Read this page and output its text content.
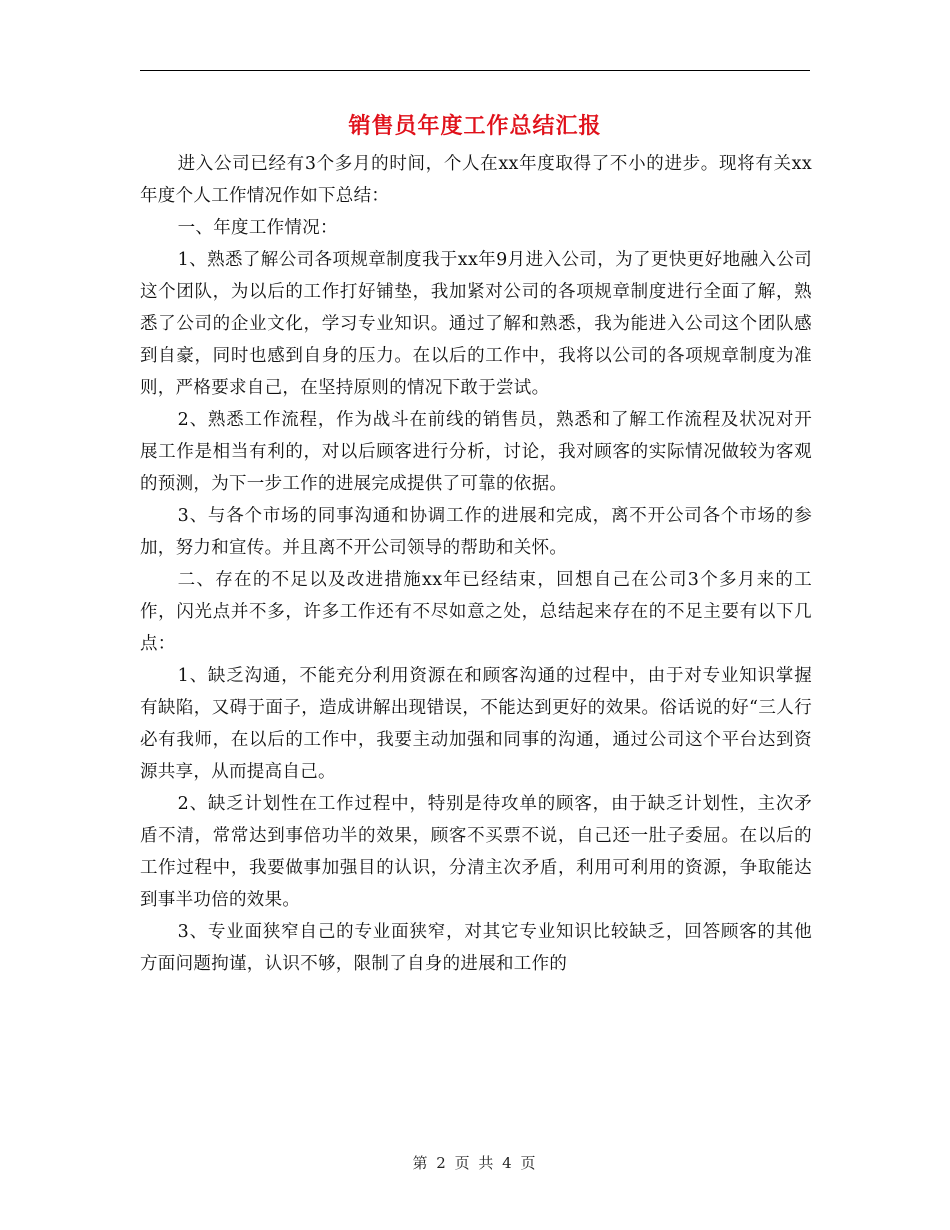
销售员年度工作总结汇报

进入公司已经有3个多月的时间，个人在xx年度取得了不小的进步。现将有关xx年度个人工作情况作如下总结：

一、年度工作情况：

1、熟悉了解公司各项规章制度我于xx年9月进入公司，为了更快更好地融入公司这个团队，为以后的工作打好铺垫，我加紧对公司的各项规章制度进行全面了解，熟悉了公司的企业文化，学习专业知识。通过了解和熟悉，我为能进入公司这个团队感到自豪，同时也感到自身的压力。在以后的工作中，我将以公司的各项规章制度为准则，严格要求自己，在坚持原则的情况下敢于尝试。

2、熟悉工作流程，作为战斗在前线的销售员，熟悉和了解工作流程及状况对开展工作是相当有利的，对以后顾客进行分析，讨论，我对顾客的实际情况做较为客观的预测，为下一步工作的进展完成提供了可靠的依据。

3、与各个市场的同事沟通和协调工作的进展和完成，离不开公司各个市场的参加，努力和宣传。并且离不开公司领导的帮助和关怀。

二、存在的不足以及改进措施xx年已经结束，回想自己在公司3个多月来的工作，闪光点并不多，许多工作还有不尽如意之处，总结起来存在的不足主要有以下几点：

1、缺乏沟通，不能充分利用资源在和顾客沟通的过程中，由于对专业知识掌握有缺陷，又碍于面子，造成讲解出现错误，不能达到更好的效果。俗话说的好“三人行必有我师，在以后的工作中，我要主动加强和同事的沟通，通过公司这个平台达到资源共享，从而提高自己。

2、缺乏计划性在工作过程中，特别是待攻单的顾客，由于缺乏计划性，主次矛盾不清，常常达到事倍功半的效果，顾客不买票不说，自己还一肚子委屈。在以后的工作过程中，我要做事加强目的认识，分清主次矛盾，利用可利用的资源，争取能达到事半功倍的效果。

3、专业面狭窄自己的专业面狭窄，对其它专业知识比较缺乏，回答顾客的其他方面问题拘谨，认识不够，限制了自身的进展和工作的

第 2 页 共 4 页
